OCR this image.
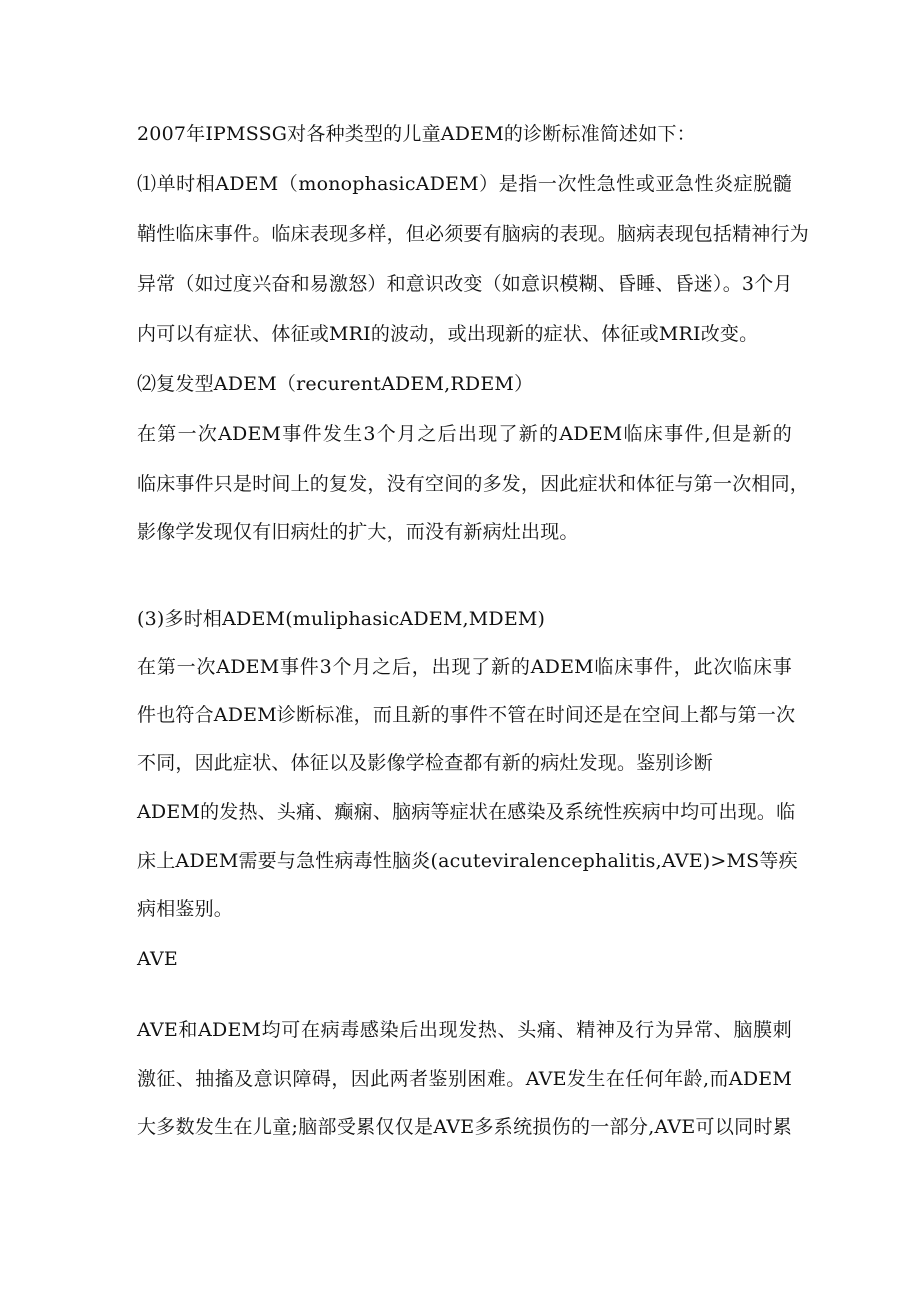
2007年IPMSSG对各种类型的儿童ADEM的诊断标准简述如下：
⑴单时相ADEM（monophasicADEM）是指一次性急性或亚急性炎症脱髓
鞘性临床事件。临床表现多样，但必须要有脑病的表现。脑病表现包括精神行为
异常（如过度兴奋和易激怒）和意识改变（如意识模糊、昏睡、昏迷）。3个月
内可以有症状、体征或MRI的波动，或出现新的症状、体征或MRI改变。
⑵复发型ADEM（recurentADEM,RDEM）
在第一次ADEM事件发生3个月之后出现了新的ADEM临床事件,但是新的
临床事件只是时间上的复发，没有空间的多发，因此症状和体征与第一次相同，
影像学发现仅有旧病灶的扩大，而没有新病灶出现。
(3)多时相ADEM(muliphasicADEM,MDEM)
在第一次ADEM事件3个月之后，出现了新的ADEM临床事件，此次临床事
件也符合ADEM诊断标准，而且新的事件不管在时间还是在空间上都与第一次
不同，因此症状、体征以及影像学检查都有新的病灶发现。鉴别诊断
ADEM的发热、头痛、癫痫、脑病等症状在感染及系统性疾病中均可出现。临
床上ADEM需要与急性病毒性脑炎(acuteviralencephalitis,AVE)>MS等疾
病相鉴别。
AVE
AVE和ADEM均可在病毒感染后出现发热、头痛、精神及行为异常、脑膜刺
激征、抽搐及意识障碍，因此两者鉴别困难。AVE发生在任何年龄,而ADEM
大多数发生在儿童;脑部受累仅仅是AVE多系统损伤的一部分,AVE可以同时累
